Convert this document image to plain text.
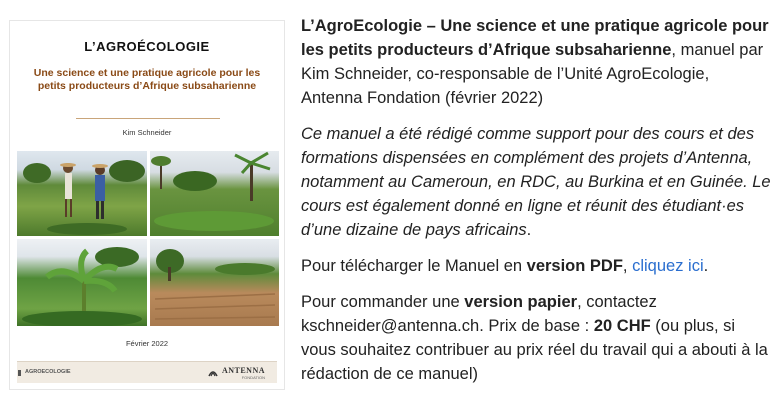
L’AGROÉCOLOGIE
Une science et une pratique agricole pour les petits producteurs d’Afrique subsaharienne
Kim Schneider
Février 2022
AGROECOLOGIE	ANTENNA
FONDATION

L’AgroEcologie – Une science et une pratique agricole pour les petits producteurs d’Afrique subsaharienne, manuel par Kim Schneider, co-responsable de l’Unité AgroEcologie, Antenna Fondation (février 2022)

Ce manuel a été rédigé comme support pour des cours et des formations dispensées en complément des projets d’Antenna, notamment au Cameroun, en RDC, au Burkina et en Guinée. Le cours est également donné en ligne et réunit des étudiant·es d’une dizaine de pays africains.

Pour télécharger le Manuel en version PDF, cliquez ici.

Pour commander une version papier, contactez kschneider@antenna.ch. Prix de base : 20 CHF (ou plus, si vous souhaitez contribuer au prix réel du travail qui a abouti à la rédaction de ce manuel)
